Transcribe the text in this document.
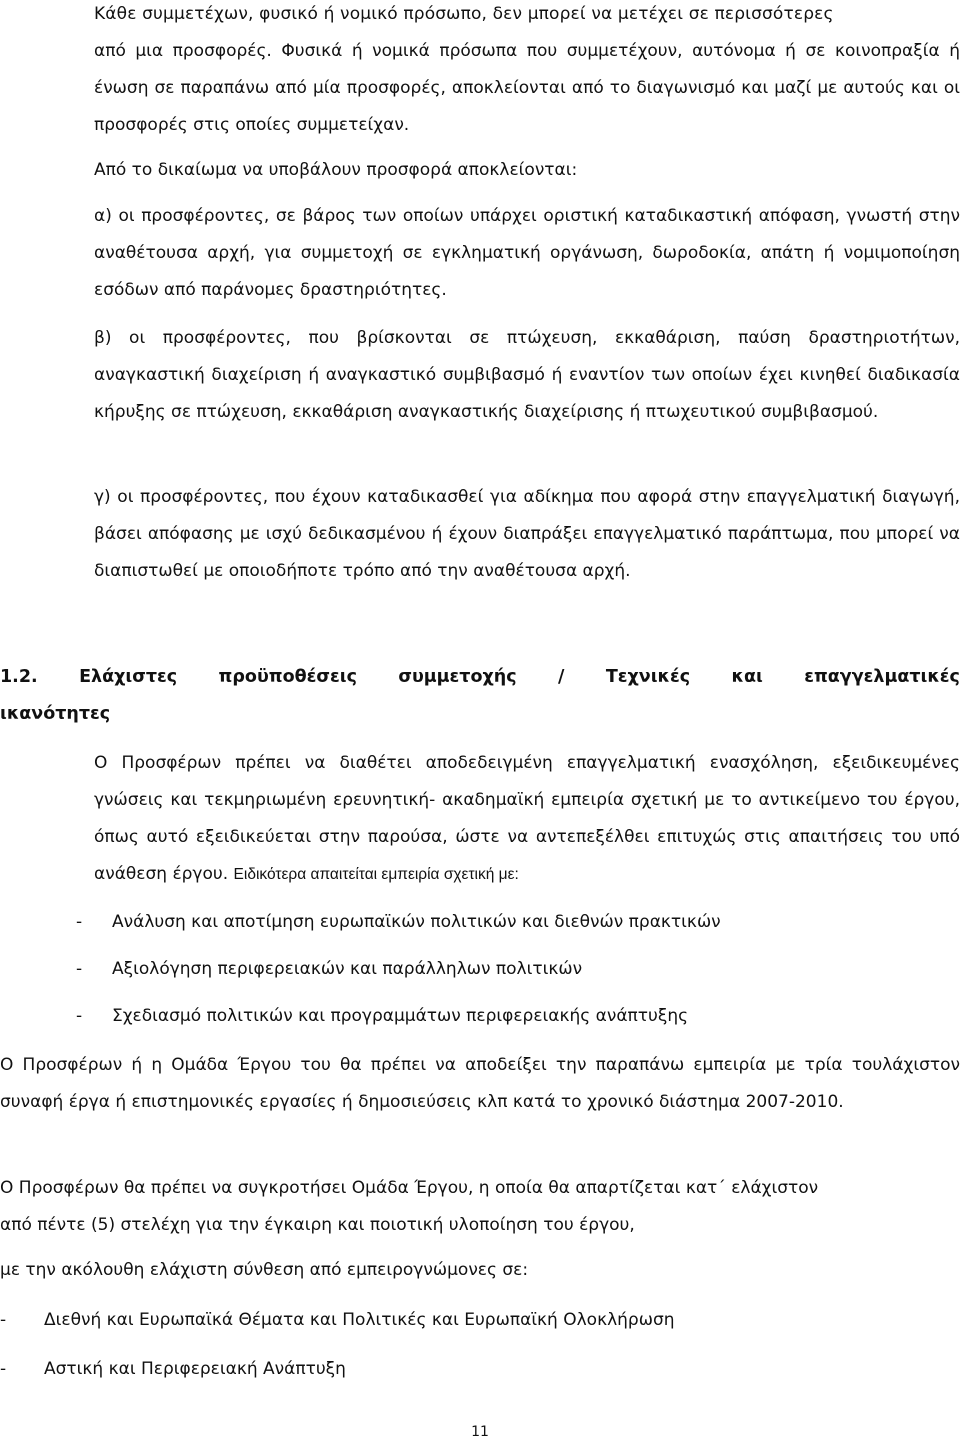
Κάθε συμμετέχων, φυσικό ή νομικό πρόσωπο, δεν μπορεί να μετέχει σε περισσότερες

από μια προσφορές. Φυσικά ή νομικά πρόσωπα που συμμετέχουν, αυτόνομα ή σε κοινοπραξία ή ένωση σε παραπάνω από μία προσφορές, αποκλείονται από το διαγωνισμό και μαζί με αυτούς και οι προσφορές στις οποίες συμμετείχαν.

Από το δικαίωμα να υποβάλουν προσφορά αποκλείονται:

α) οι προσφέροντες, σε βάρος των οποίων υπάρχει οριστική καταδικαστική απόφαση, γνωστή στην αναθέτουσα αρχή, για συμμετοχή σε εγκληματική οργάνωση, δωροδοκία, απάτη ή νομιμοποίηση εσόδων από παράνομες δραστηριότητες.

β) οι προσφέροντες, που βρίσκονται σε πτώχευση, εκκαθάριση, παύση δραστηριοτήτων, αναγκαστική διαχείριση ή αναγκαστικό συμβιβασμό ή εναντίον των οποίων έχει κινηθεί διαδικασία κήρυξης σε πτώχευση, εκκαθάριση αναγκαστικής διαχείρισης ή πτωχευτικού συμβιβασμού.

γ) οι προσφέροντες, που έχουν καταδικασθεί για αδίκημα που αφορά στην επαγγελματική διαγωγή, βάσει απόφασης με ισχύ δεδικασμένου ή έχουν διαπράξει επαγγελματικό παράπτωμα, που μπορεί να διαπιστωθεί με οποιοδήποτε τρόπο από την αναθέτουσα αρχή.

Ο Προσφέρων πρέπει να διαθέτει αποδεδειγμένη επαγγελματική ενασχόληση, εξειδικευμένες γνώσεις και τεκμηριωμένη ερευνητική- ακαδημαϊκή εμπειρία σχετική με το αντικείμενο του έργου, όπως αυτό εξειδικεύεται στην παρούσα, ώστε να αντεπεξέλθει επιτυχώς στις απαιτήσεις του υπό ανάθεση έργου. Ειδικότερα απαιτείται εμπειρία σχετική με:

- Ανάλυση και αποτίμηση ευρωπαϊκών πολιτικών και διεθνών πρακτικών
- Αξιολόγηση περιφερειακών και παράλληλων πολιτικών
- Σχεδιασμό πολιτικών και προγραμμάτων περιφερειακής ανάπτυξης

Ο Προσφέρων ή η Ομάδα Έργου του θα πρέπει να αποδείξει την παραπάνω εμπειρία με τρία τουλάχιστον συναφή έργα ή επιστημονικές εργασίες ή δημοσιεύσεις κλπ κατά το χρονικό διάστημα 2007-2010.

Ο Προσφέρων θα πρέπει να συγκροτήσει Ομάδα Έργου, η οποία θα απαρτίζεται κατ΄ ελάχιστον

από πέντε (5) στελέχη για την έγκαιρη και ποιοτική υλοποίηση του έργου,

με την ακόλουθη ελάχιστη σύνθεση από εμπειρογνώμονες σε:

- Διεθνή και Ευρωπαϊκά Θέματα και Πολιτικές και Ευρωπαϊκή Ολοκλήρωση
- Αστική και Περιφερειακή Ανάπτυξη
1.2. Ελάχιστες προϋποθέσεις συμμετοχής / Τεχνικές και επαγγελματικές
ικανότητες
11
